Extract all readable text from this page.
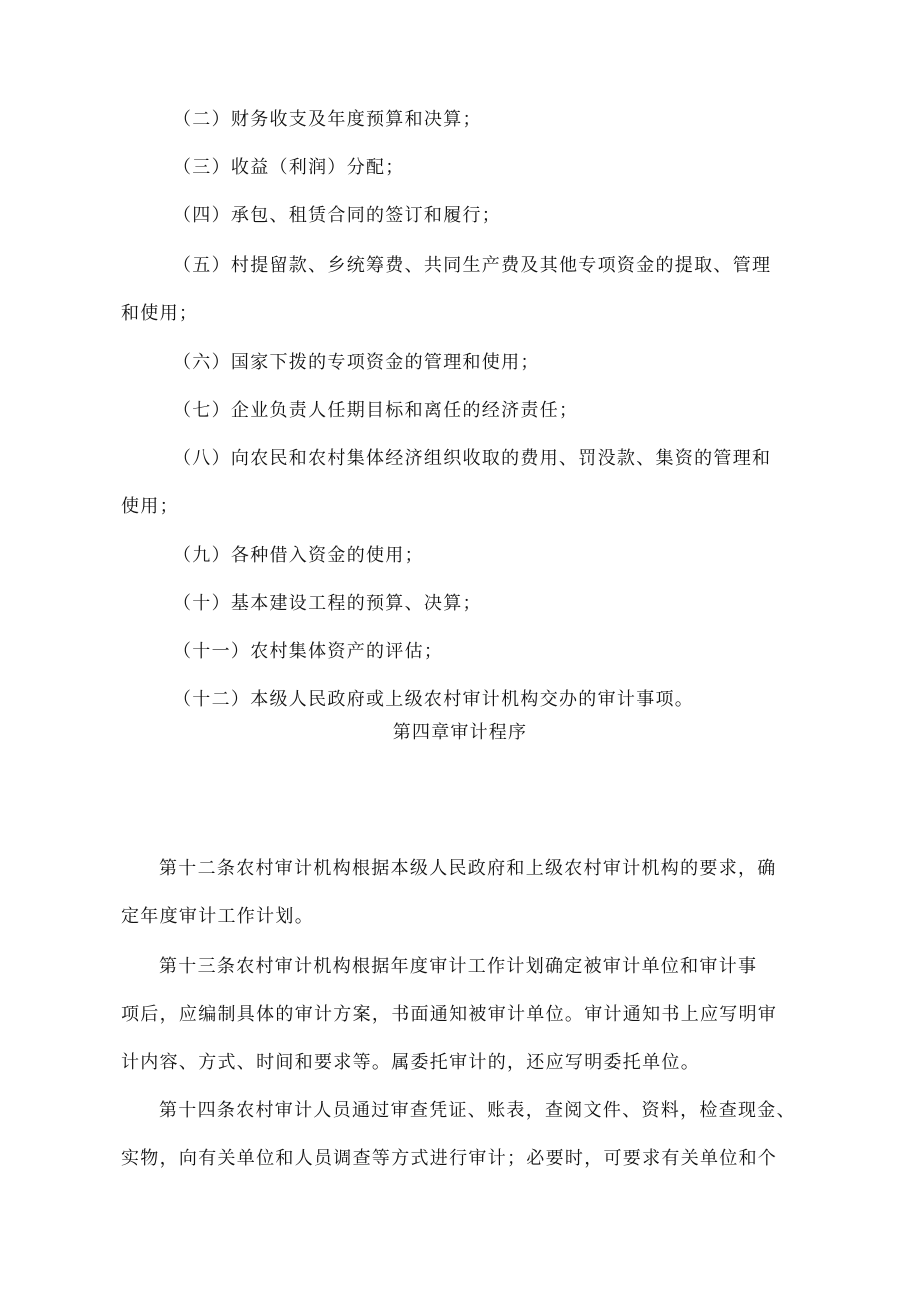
（二）财务收支及年度预算和决算；
（三）收益（利润）分配；
（四）承包、租赁合同的签订和履行；
（五）村提留款、乡统筹费、共同生产费及其他专项资金的提取、管理
和使用；
（六）国家下拨的专项资金的管理和使用；
（七）企业负责人任期目标和离任的经济责任；
（八）向农民和农村集体经济组织收取的费用、罚没款、集资的管理和
使用；
（九）各种借入资金的使用；
（十）基本建设工程的预算、决算；
（十一）农村集体资产的评估；
（十二）本级人民政府或上级农村审计机构交办的审计事项。

第四章审计程序

第十二条农村审计机构根据本级人民政府和上级农村审计机构的要求，确
定年度审计工作计划。
第十三条农村审计机构根据年度审计工作计划确定被审计单位和审计事
项后，应编制具体的审计方案，书面通知被审计单位。审计通知书上应写明审
计内容、方式、时间和要求等。属委托审计的，还应写明委托单位。
第十四条农村审计人员通过审查凭证、账表，查阅文件、资料，检查现金、
实物，向有关单位和人员调查等方式进行审计；必要时，可要求有关单位和个
